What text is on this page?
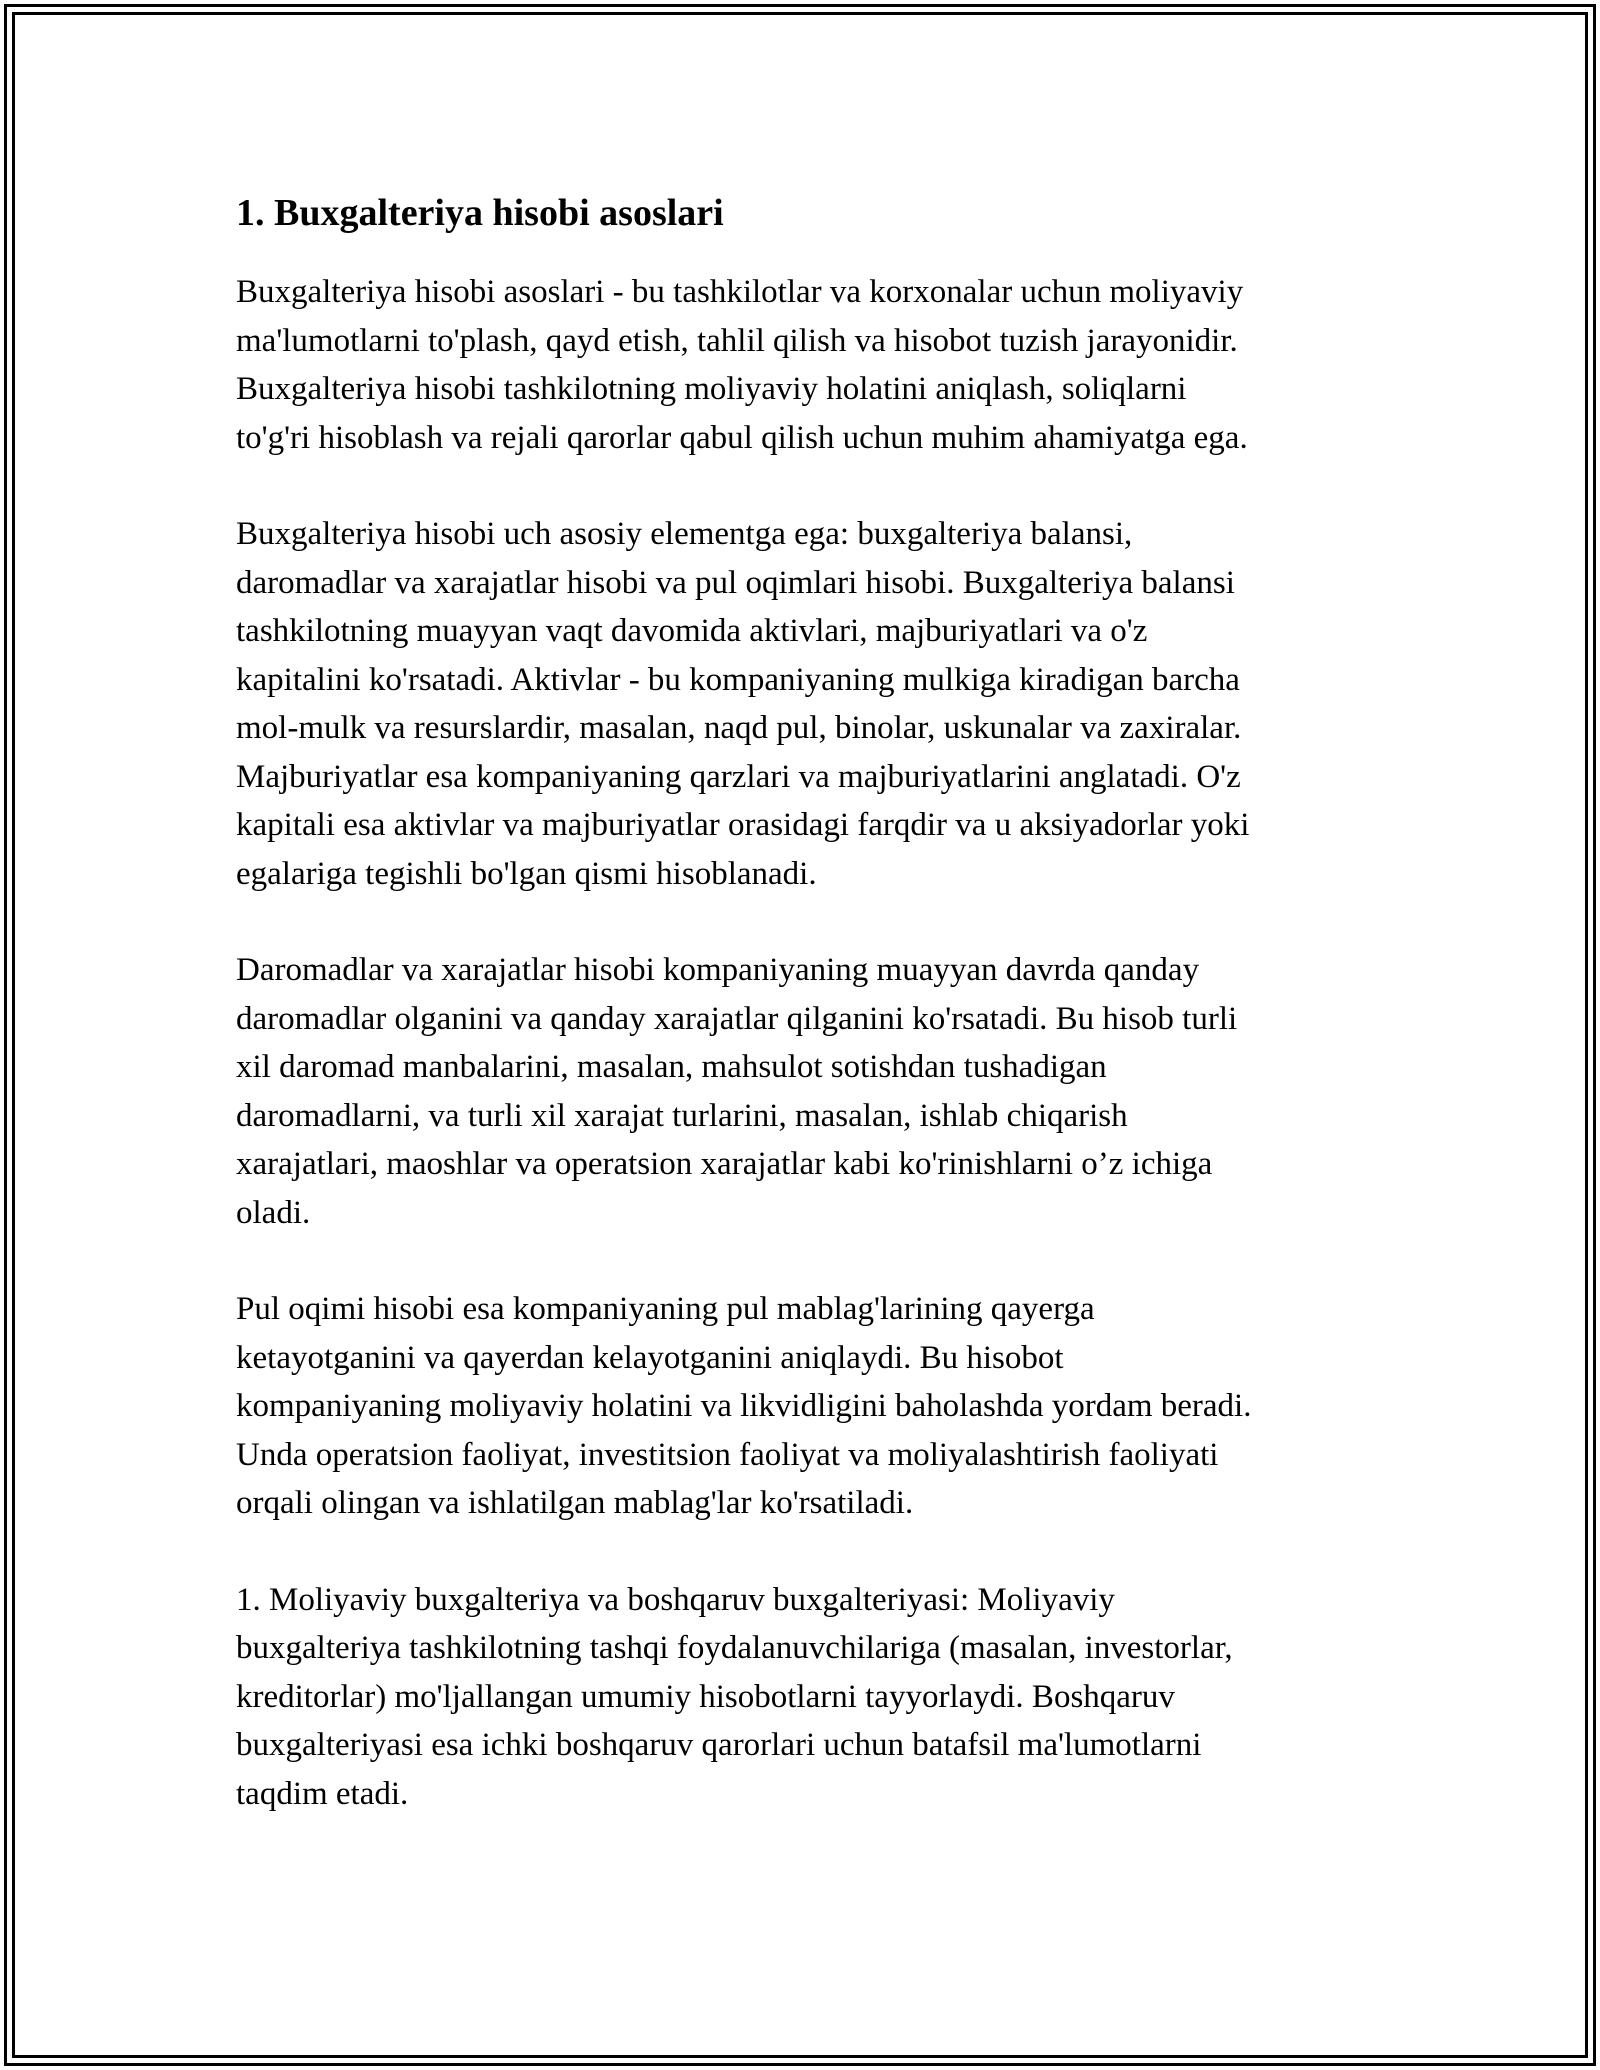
1. Buxgalteriya hisobi asoslari

Buxgalteriya hisobi asoslari - bu tashkilotlar va korxonalar uchun moliyaviy
ma'lumotlarni to'plash, qayd etish, tahlil qilish va hisobot tuzish jarayonidir.
Buxgalteriya hisobi tashkilotning moliyaviy holatini aniqlash, soliqlarni
to'g'ri hisoblash va rejali qarorlar qabul qilish uchun muhim ahamiyatga ega.

Buxgalteriya hisobi uch asosiy elementga ega: buxgalteriya balansi,
daromadlar va xarajatlar hisobi va pul oqimlari hisobi. Buxgalteriya balansi
tashkilotning muayyan vaqt davomida aktivlari, majburiyatlari va o'z
kapitalini ko'rsatadi. Aktivlar - bu kompaniyaning mulkiga kiradigan barcha
mol-mulk va resurslardir, masalan, naqd pul, binolar, uskunalar va zaxiralar.
Majburiyatlar esa kompaniyaning qarzlari va majburiyatlarini anglatadi. O'z
kapitali esa aktivlar va majburiyatlar orasidagi farqdir va u aksiyadorlar yoki
egalariga tegishli bo'lgan qismi hisoblanadi.

Daromadlar va xarajatlar hisobi kompaniyaning muayyan davrda qanday
daromadlar olganini va qanday xarajatlar qilganini ko'rsatadi. Bu hisob turli
xil daromad manbalarini, masalan, mahsulot sotishdan tushadigan
daromadlarni, va turli xil xarajat turlarini, masalan, ishlab chiqarish
xarajatlari, maoshlar va operatsion xarajatlar kabi ko'rinishlarni o’z ichiga
oladi.

Pul oqimi hisobi esa kompaniyaning pul mablag'larining qayerga
ketayotganini va qayerdan kelayotganini aniqlaydi. Bu hisobot
kompaniyaning moliyaviy holatini va likvidligini baholashda yordam beradi.
Unda operatsion faoliyat, investitsion faoliyat va moliyalashtirish faoliyati
orqali olingan va ishlatilgan mablag'lar ko'rsatiladi.

1. Moliyaviy buxgalteriya va boshqaruv buxgalteriyasi: Moliyaviy
buxgalteriya tashkilotning tashqi foydalanuvchilariga (masalan, investorlar,
kreditorlar) mo'ljallangan umumiy hisobotlarni tayyorlaydi. Boshqaruv
buxgalteriyasi esa ichki boshqaruv qarorlari uchun batafsil ma'lumotlarni
taqdim etadi.
